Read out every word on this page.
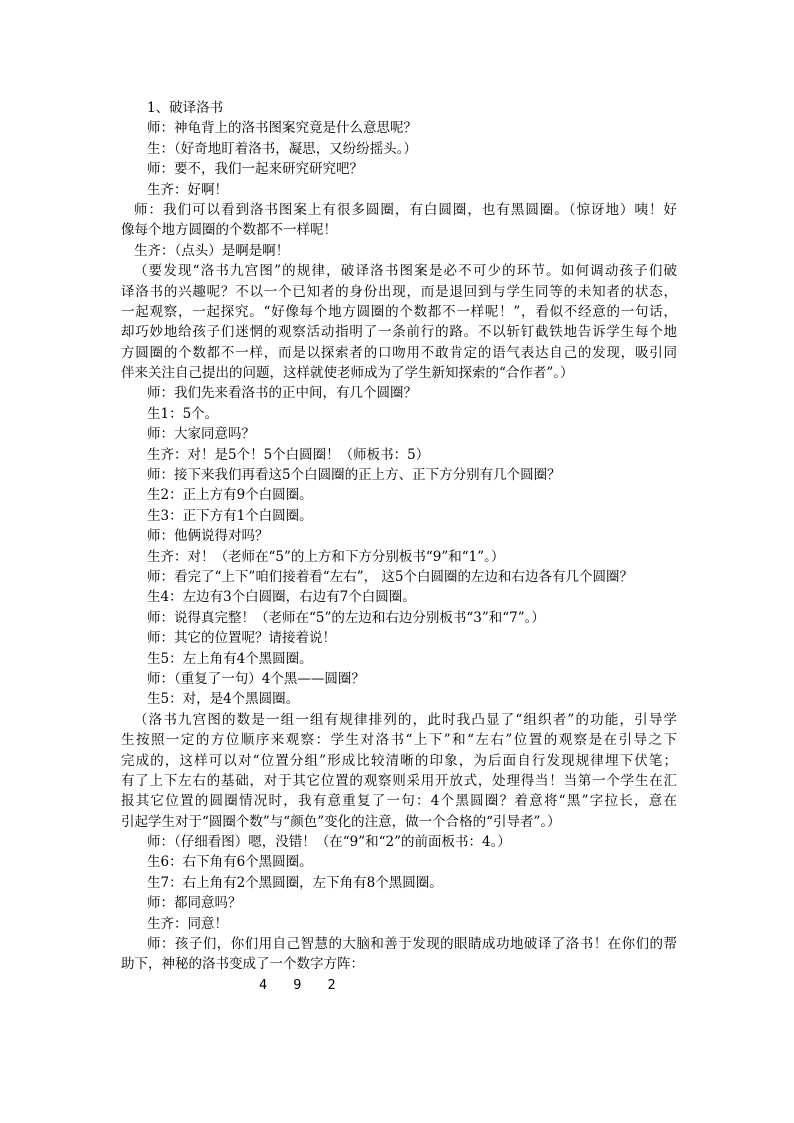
1、破译洛书
师：神龟背上的洛书图案究竟是什么意思呢？
生：（好奇地盯着洛书，凝思，又纷纷摇头。）
师：要不，我们一起来研究研究吧？
生齐：好啊！
师：我们可以看到洛书图案上有很多圆圈，有白圆圈，也有黑圆圈。（惊讶地）咦！好
像每个地方圆圈的个数都不一样呢！
生齐：（点头）是啊是啊！
（要发现“洛书九宫图”的规律，破译洛书图案是必不可少的环节。如何调动孩子们破
译洛书的兴趣呢？不以一个已知者的身份出现，而是退回到与学生同等的未知者的状态，
一起观察，一起探究。“好像每个地方圆圈的个数都不一样呢！”，看似不经意的一句话，
却巧妙地给孩子们迷惘的观察活动指明了一条前行的路。不以斩钉截铁地告诉学生每个地
方圆圈的个数都不一样，而是以探索者的口吻用不敢肯定的语气表达自己的发现，吸引同
伴来关注自己提出的问题，这样就使老师成为了学生新知探索的“合作者”。）
师：我们先来看洛书的正中间，有几个圆圈？
生1：5个。
师：大家同意吗？
生齐：对！是5个！5个白圆圈！（师板书：5）
师：接下来我们再看这5个白圆圈的正上方、正下方分别有几个圆圈？
生2：正上方有9个白圆圈。
生3：正下方有1个白圆圈。
师：他俩说得对吗？
生齐：对！（老师在“5”的上方和下方分别板书“9”和“1”。）
师：看完了“上下”咱们接着看“左右”， 这5个白圆圈的左边和右边各有几个圆圈？
生4：左边有3个白圆圈，右边有7个白圆圈。
师：说得真完整！（老师在“5”的左边和右边分别板书“3”和“7”。）
师：其它的位置呢？请接着说！
生5：左上角有4个黑圆圈。
师：（重复了一句）4个黑——圆圈？
生5：对，是4个黑圆圈。
（洛书九宫图的数是一组一组有规律排列的，此时我凸显了“组织者”的功能，引导学
生按照一定的方位顺序来观察：学生对洛书“上下”和“左右”位置的观察是在引导之下
完成的，这样可以对“位置分组”形成比较清晰的印象，为后面自行发现规律埋下伏笔；
有了上下左右的基础，对于其它位置的观察则采用开放式，处理得当！当第一个学生在汇
报其它位置的圆圈情况时，我有意重复了一句：4个黑圆圈？着意将“黑”字拉长，意在
引起学生对于“圆圈个数”与“颜色”变化的注意，做一个合格的“引导者”。）
师：（仔细看图）嗯，没错！（在“9”和“2”的前面板书：4。）
生6：右下角有6个黑圆圈。
生7：右上角有2个黑圆圈，左下角有8个黑圆圈。
师：都同意吗？
生齐：同意！
师：孩子们，你们用自己智慧的大脑和善于发现的眼睛成功地破译了洛书！在你们的帮
助下，神秘的洛书变成了一个数字方阵：
4 9 2
